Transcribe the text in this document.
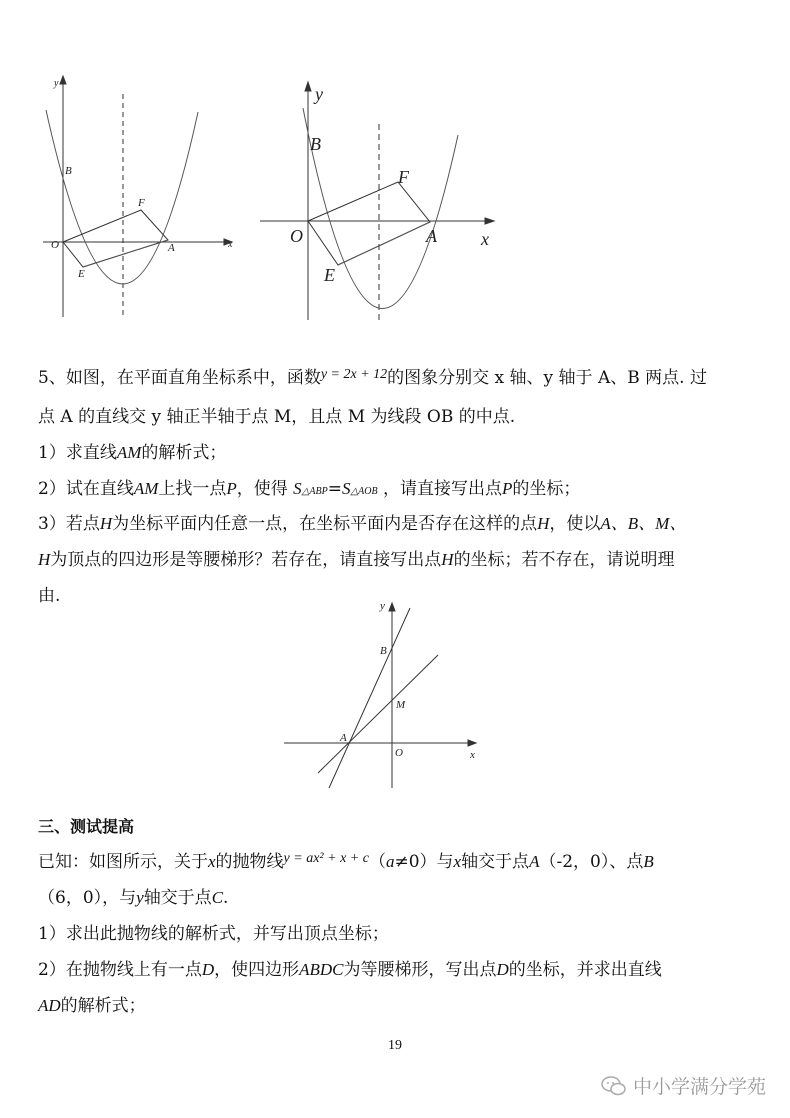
y
x
B
F
O	A
E
y
x
B
F
O	A
E
5、如图，在平面直角坐标系中，函数$^{y = 2x + 12}$的图象分别交 x 轴、y 轴于 A、B 两点. 过
点 A 的直线交 y 轴正半轴于点 M，且点 M 为线段 OB 的中点.
1）求直线AM的解析式；
2）试在直线AM上找一点P，使得 S△ABP=S△AOB ，请直接写出点P的坐标；
3）若点H为坐标平面内任意一点，在坐标平面内是否存在这样的点H，使以A、B、M、
H为顶点的四边形是等腰梯形？若存在，请直接写出点H的坐标；若不存在，请说明理
由.	y
x
B
M
A
O
三、测试提高
已知：如图所示，关于x的抛物线$^{y = ax^2 + x + c}$（a≠0）与x轴交于点A（-2，0）、点B
（6，0），与y轴交于点C.
1）求出此抛物线的解析式，并写出顶点坐标；
2）在抛物线上有一点D，使四边形ABDC为等腰梯形，写出点D的坐标，并求出直线
AD的解析式；
19
中小学满分学苑
